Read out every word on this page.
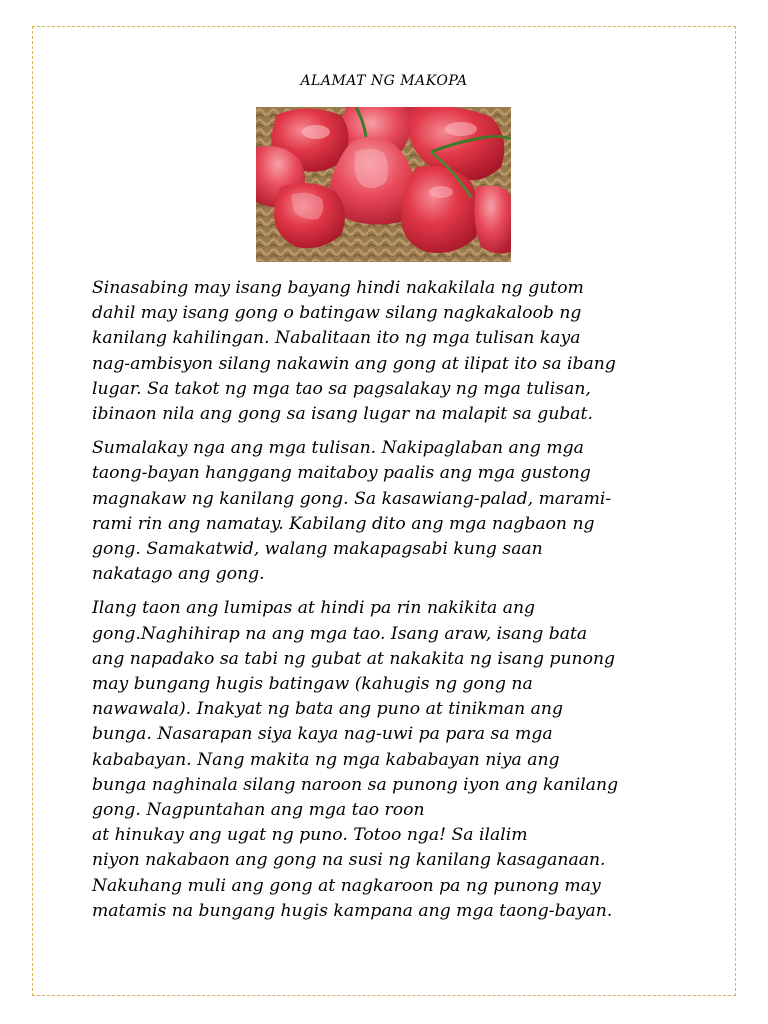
ALAMAT NG MAKOPA
Sinasabing may isang bayang hindi nakakilala ng gutom
dahil may isang gong o batingaw silang nagkakaloob ng
kanilang kahilingan. Nabalitaan ito ng mga tulisan kaya
nag-ambisyon silang nakawin ang gong at ilipat ito sa ibang
lugar. Sa takot ng mga tao sa pagsalakay ng mga tulisan,
ibinaon nila ang gong sa isang lugar na malapit sa gubat.
Sumalakay nga ang mga tulisan. Nakipaglaban ang mga
taong-bayan hanggang maitaboy paalis ang mga gustong
magnakaw ng kanilang gong. Sa kasawiang-palad, marami-
rami rin ang namatay. Kabilang dito ang mga nagbaon ng
gong. Samakatwid, walang makapagsabi kung saan
nakatago ang gong.
Ilang taon ang lumipas at hindi pa rin nakikita ang
gong.Naghihirap na ang mga tao. Isang araw, isang bata
ang napadako sa tabi ng gubat at nakakita ng isang punong
may bungang hugis batingaw (kahugis ng gong na
nawawala). Inakyat ng bata ang puno at tinikman ang
bunga. Nasarapan siya kaya nag-uwi pa para sa mga
kababayan. Nang makita ng mga kababayan niya ang
bunga naghinala silang naroon sa punong iyon ang kanilang
gong. Nagpuntahan ang mga tao roon
at hinukay ang ugat ng puno. Totoo nga! Sa ilalim
niyon nakabaon ang gong na susi ng kanilang kasaganaan.
Nakuhang muli ang gong at nagkaroon pa ng punong may
matamis na bungang hugis kampana ang mga taong-bayan.
